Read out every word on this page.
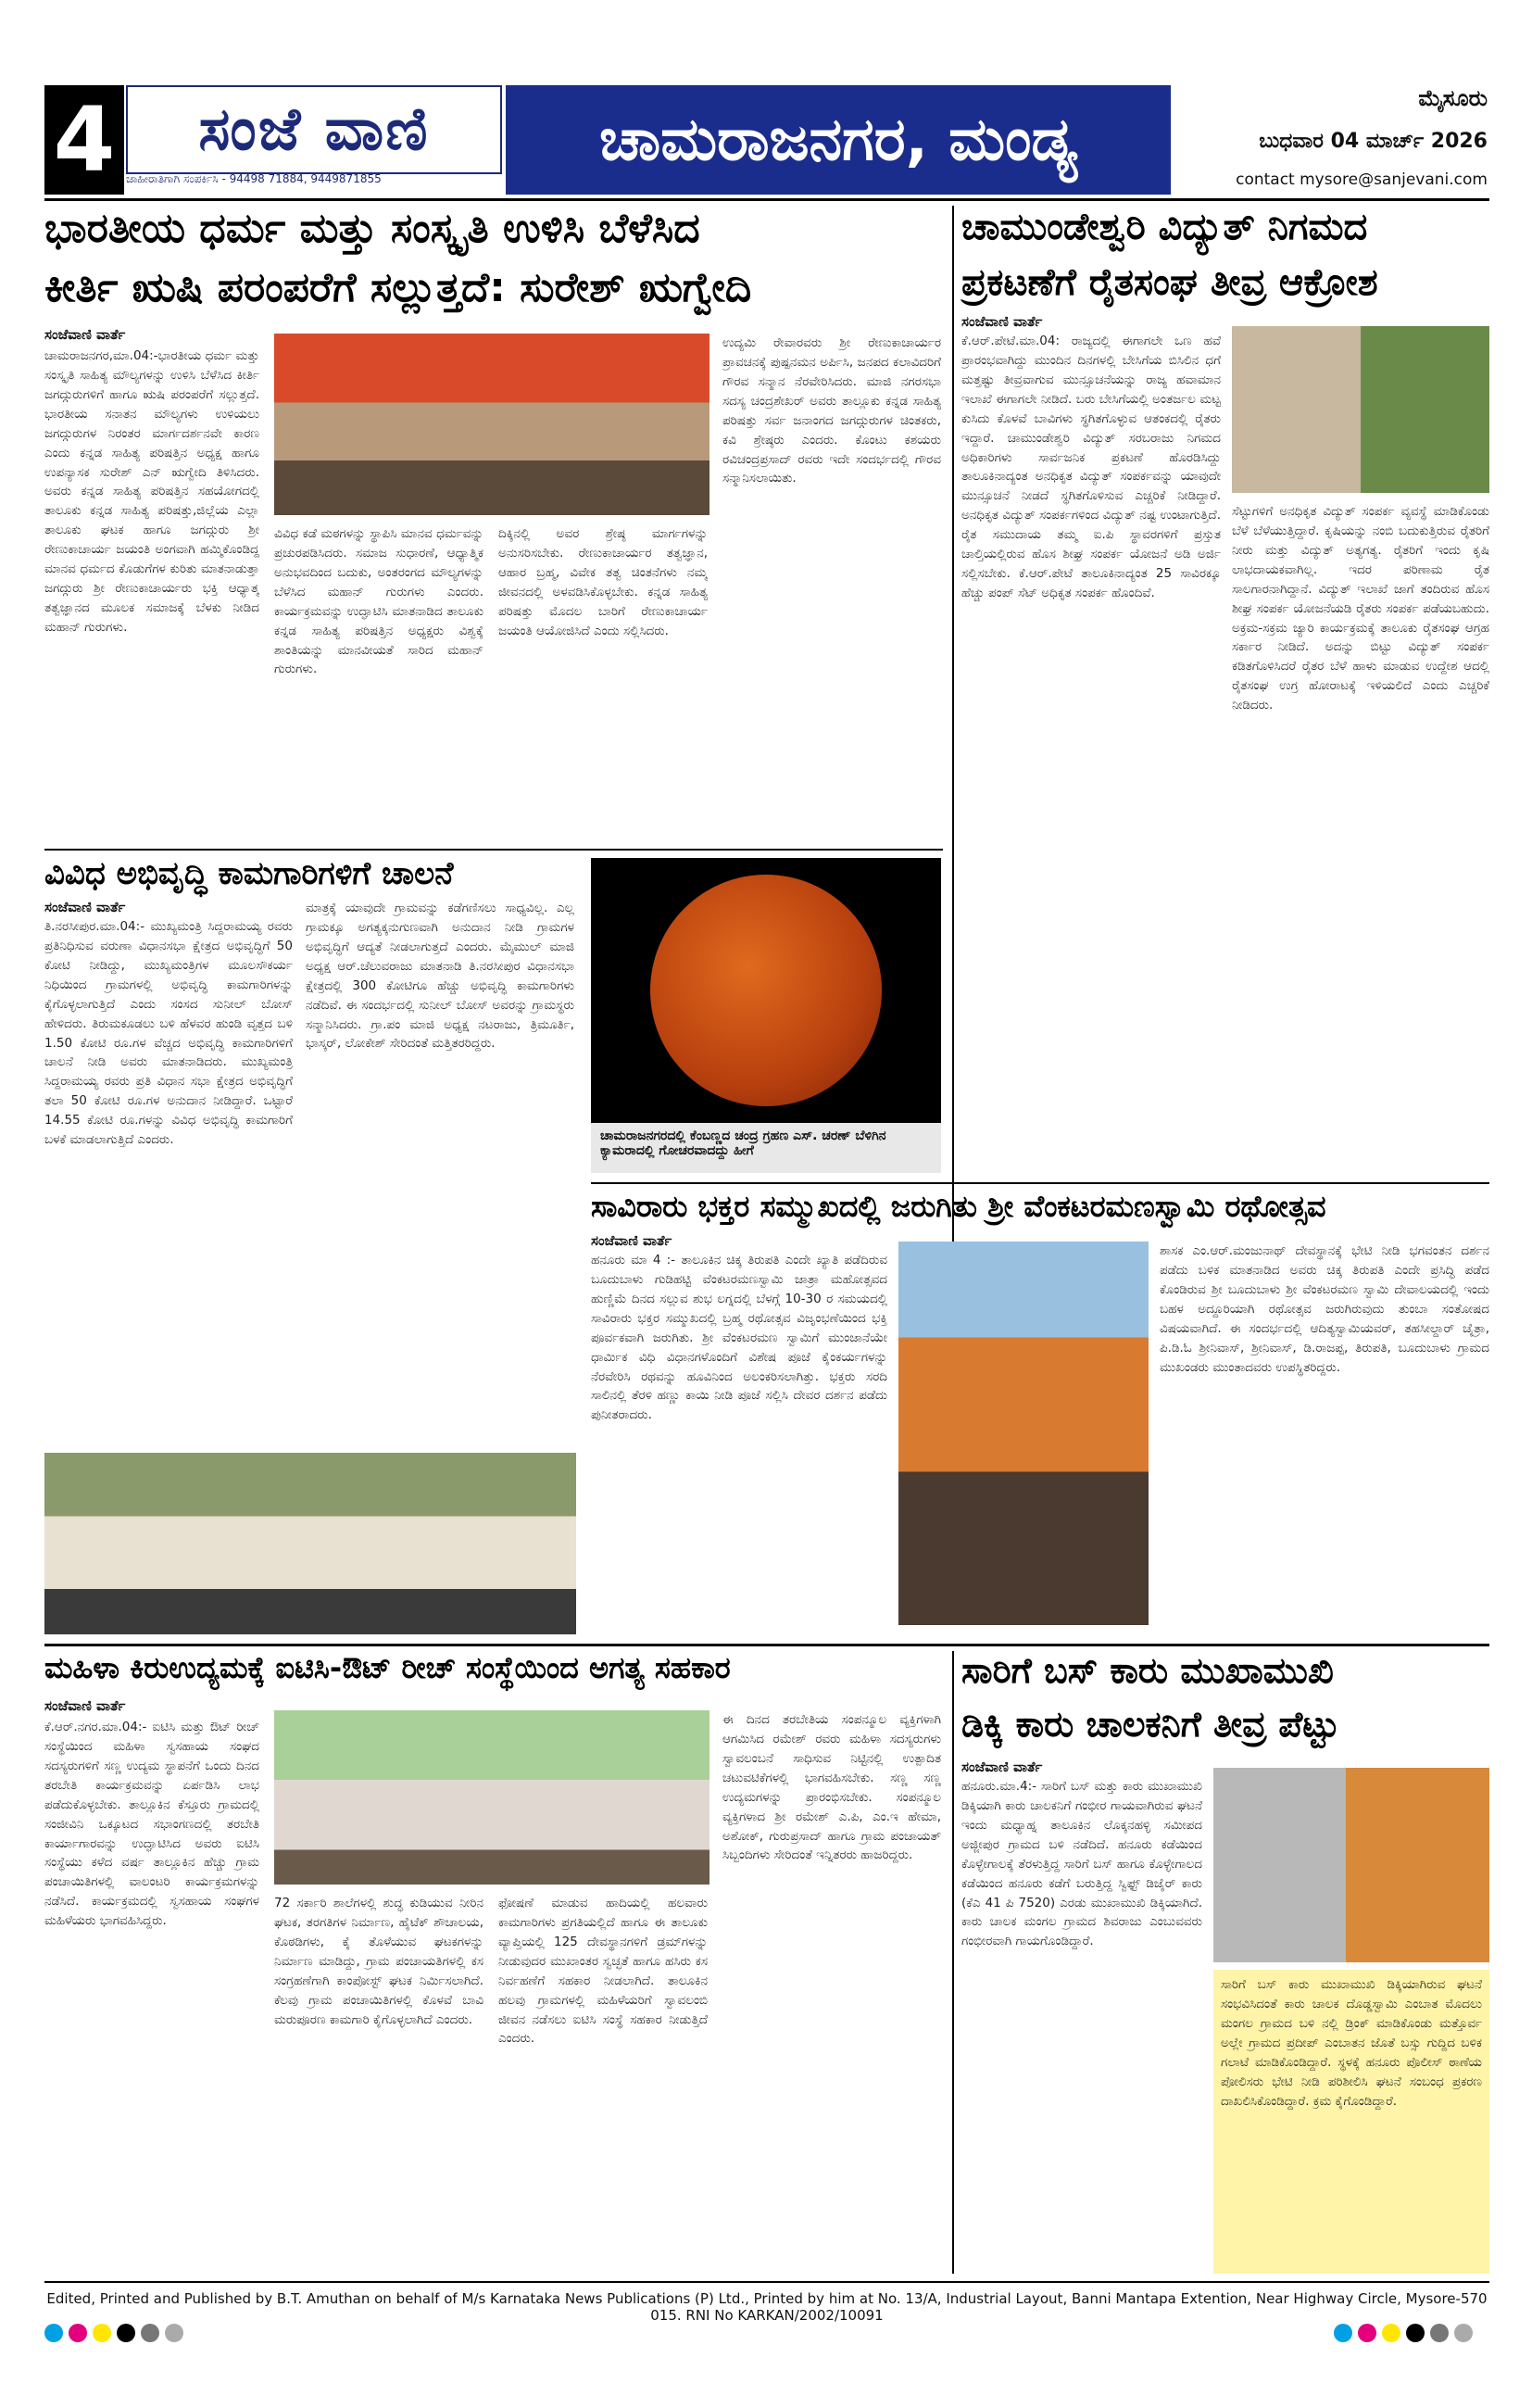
4	ಸಂಜೆ ವಾಣಿ
ಜಾಹೀರಾತಿಗಾಗಿ ಸಂಪರ್ಕಿಸಿ - 94498 71884, 9449871855
ಚಾಮರಾಜನಗರ, ಮಂಡ್ಯ
ಮೈಸೂರು
ಬುಧವಾರ 04 ಮಾರ್ಚ್ 2026
contact mysore@sanjevani.com
ಭಾರತೀಯ ಧರ್ಮ ಮತ್ತು ಸಂಸ್ಕೃತಿ ಉಳಿಸಿ ಬೆಳೆಸಿದ
ಕೀರ್ತಿ ಋಷಿ ಪರಂಪರೆಗೆ ಸಲ್ಲುತ್ತದೆ: ಸುರೇಶ್ ಋಗ್ವೇದಿ
ಸಂಜೆವಾಣಿ ವಾರ್ತೆ
ಚಾಮರಾಜನಗರ,ಮಾ.04:-ಭಾರತೀಯ ಧರ್ಮ ಮತ್ತು ಸಂಸ್ಕೃತಿ ಸಾಹಿತ್ಯ ಮೌಲ್ಯಗಳನ್ನು ಉಳಿಸಿ ಬೆಳೆಸಿದ ಕೀರ್ತಿ ಜಗದ್ಗುರುಗಳಿಗೆ ಹಾಗೂ ಋಷಿ ಪರಂಪರೆಗೆ ಸಲ್ಲುತ್ತದೆ. ಭಾರತೀಯ ಸನಾತನ ಮೌಲ್ಯಗಳು ಉಳಿಯಲು ಜಗದ್ಗುರುಗಳ ನಿರಂತರ ಮಾರ್ಗದರ್ಶನವೇ ಕಾರಣ ಎಂದು ಕನ್ನಡ ಸಾಹಿತ್ಯ ಪರಿಷತ್ತಿನ ಅಧ್ಯಕ್ಷ ಹಾಗೂ ಉಪನ್ಯಾಸಕ ಸುರೇಶ್ ಎನ್ ಋಗ್ವೇದಿ ತಿಳಿಸಿದರು. ಅವರು ಕನ್ನಡ ಸಾಹಿತ್ಯ ಪರಿಷತ್ತಿನ ಸಹಯೋಗದಲ್ಲಿ ತಾಲೂಕು ಕನ್ನಡ ಸಾಹಿತ್ಯ ಪರಿಷತ್ತು,ಜಿಲ್ಲೆಯ ಎಲ್ಲಾ ತಾಲೂಕು ಘಟಕ ಹಾಗೂ ಜಗದ್ಗುರು ಶ್ರೀ ರೇಣುಕಾಚಾರ್ಯ ಜಯಂತಿ ಅಂಗವಾಗಿ ಹಮ್ಮಿಕೊಂಡಿದ್ದ ಮಾನವ ಧರ್ಮದ ಕೊಡುಗೆಗಳ ಕುರಿತು ಮಾತನಾಡುತ್ತಾ ಜಗದ್ಗುರು ಶ್ರೀ ರೇಣುಕಾಚಾರ್ಯರು ಭಕ್ತಿ ಆಧ್ಯಾತ್ಮ ತತ್ವಜ್ಞಾನದ ಮೂಲಕ ಸಮಾಜಕ್ಕೆ ಬೆಳಕು ನೀಡಿದ ಮಹಾನ್ ಗುರುಗಳು.
ವಿವಿಧ ಕಡೆ ಮಠಗಳನ್ನು ಸ್ಥಾಪಿಸಿ ಮಾನವ ಧರ್ಮವನ್ನು ಪ್ರಚುರಪಡಿಸಿದರು. ಸಮಾಜ ಸುಧಾರಣೆ, ಆಧ್ಯಾತ್ಮಿಕ ಅನುಭವದಿಂದ ಬದುಕು, ಅಂತರಂಗದ ಮೌಲ್ಯಗಳನ್ನು ಬೆಳೆಸಿದ ಮಹಾನ್ ಗುರುಗಳು ಎಂದರು. ಕಾರ್ಯಕ್ರಮವನ್ನು ಉದ್ಘಾಟಿಸಿ ಮಾತನಾಡಿದ ತಾಲೂಕು ಕನ್ನಡ ಸಾಹಿತ್ಯ ಪರಿಷತ್ತಿನ ಅಧ್ಯಕ್ಷರು ವಿಶ್ವಕ್ಕೆ ಶಾಂತಿಯನ್ನು ಮಾನವೀಯತೆ ಸಾರಿದ ಮಹಾನ್ ಗುರುಗಳು.
ದಿಕ್ಕಿನಲ್ಲಿ ಅವರ ಶ್ರೇಷ್ಠ ಮಾರ್ಗಗಳನ್ನು ಅನುಸರಿಸಬೇಕು. ರೇಣುಕಾಚಾರ್ಯರ ತತ್ವಜ್ಞಾನ, ಆಹಾರ ಬ್ರಹ್ಮ, ವಿವೇಕ ತತ್ವ ಚಿಂತನೆಗಳು ನಮ್ಮ ಜೀವನದಲ್ಲಿ ಅಳವಡಿಸಿಕೊಳ್ಳಬೇಕು. ಕನ್ನಡ ಸಾಹಿತ್ಯ ಪರಿಷತ್ತು ಮೊದಲ ಬಾರಿಗೆ ರೇಣುಕಾಚಾರ್ಯ ಜಯಂತಿ ಆಯೋಜಿಸಿದೆ ಎಂದು ಸಲ್ಲಿಸಿದರು.
ಉದ್ಯಮಿ ರೇವಾರವರು ಶ್ರೀ ರೇಣುಕಾಚಾರ್ಯರ ಪ್ರಾವಚನಕ್ಕೆ ಪುಷ್ಪನಮನ ಅರ್ಪಿಸಿ, ಜನಪದ ಕಲಾವಿದರಿಗೆ ಗೌರವ ಸನ್ಮಾನ ನೆರವೇರಿಸಿದರು. ಮಾಜಿ ನಗರಸಭಾ ಸದಸ್ಯ ಚಂದ್ರಶೇಖರ್ ಅವರು ತಾಲ್ಲೂಕು ಕನ್ನಡ ಸಾಹಿತ್ಯ ಪರಿಷತ್ತು ಸರ್ವ ಜನಾಂಗದ ಜಗದ್ಗುರುಗಳ ಚಿಂತಕರು, ಕವಿ ಶ್ರೇಷ್ಠರು ಎಂದರು. ಕೊಂಟು ಕಶಯರು ರವಿಚಂದ್ರಪ್ರಸಾದ್ ರವರು ಇದೇ ಸಂದರ್ಭದಲ್ಲಿ ಗೌರವ ಸನ್ಮಾನಿಸಲಾಯಿತು.
ಚಾಮುಂಡೇಶ್ವರಿ ವಿದ್ಯುತ್ ನಿಗಮದ
ಪ್ರಕಟಣೆಗೆ ರೈತಸಂಘ ತೀವ್ರ ಆಕ್ರೋಶ
ಸಂಜೆವಾಣಿ ವಾರ್ತೆ
ಕೆ.ಆರ್.ಪೇಟೆ.ಮಾ.04: ರಾಜ್ಯದಲ್ಲಿ ಈಗಾಗಲೇ ಒಣ ಹವೆ ಪ್ರಾರಂಭವಾಗಿದ್ದು ಮುಂದಿನ ದಿನಗಳಲ್ಲಿ ಬೇಸಿಗೆಯ ಬಿಸಿಲಿನ ಧಗೆ ಮತ್ತಷ್ಟು ತೀವ್ರವಾಗುವ ಮುನ್ಸೂಚನೆಯನ್ನು ರಾಜ್ಯ ಹವಾಮಾನ ಇಲಾಖೆ ಈಗಾಗಲೇ ನೀಡಿದೆ. ಬರು ಬೇಸಿಗೆಯಲ್ಲಿ ಅಂತರ್ಜಲ ಮಟ್ಟ ಕುಸಿದು ಕೊಳವೆ ಬಾವಿಗಳು ಸ್ಥಗಿತಗೊಳ್ಳುವ ಆತಂಕದಲ್ಲಿ ರೈತರು ಇದ್ದಾರೆ. ಚಾಮುಂಡೇಶ್ವರಿ ವಿದ್ಯುತ್ ಸರಬರಾಜು ನಿಗಮದ ಅಧಿಕಾರಿಗಳು ಸಾರ್ವಜನಿಕ ಪ್ರಕಟಣೆ ಹೊರಡಿಸಿದ್ದು ತಾಲೂಕಿನಾದ್ಯಂತ ಅನಧಿಕೃತ ವಿದ್ಯುತ್ ಸಂಪರ್ಕವನ್ನು ಯಾವುದೇ ಮುನ್ಸೂಚನೆ ನೀಡದೆ ಸ್ಥಗಿತಗೊಳಿಸುವ ಎಚ್ಚರಿಕೆ ನೀಡಿದ್ದಾರೆ. ಅನಧಿಕೃತ ವಿದ್ಯುತ್ ಸಂಪರ್ಕಗಳಿಂದ ವಿದ್ಯುತ್ ನಷ್ಟ ಉಂಟಾಗುತ್ತಿದೆ. ರೈತ ಸಮುದಾಯ ತಮ್ಮ ಐ.ಪಿ ಸ್ಥಾವರಗಳಿಗೆ ಪ್ರಸ್ತುತ ಚಾಲ್ತಿಯಲ್ಲಿರುವ ಹೊಸ ಶೀಘ್ರ ಸಂಪರ್ಕ ಯೋಜನೆ ಅಡಿ ಅರ್ಜಿ ಸಲ್ಲಿಸಬೇಕು. ಕೆ.ಆರ್.ಪೇಟೆ ತಾಲೂಕಿನಾದ್ಯಂತ 25 ಸಾವಿರಕ್ಕೂ ಹೆಚ್ಚು ಪಂಪ್ ಸೆಟ್ ಅಧಿಕೃತ ಸಂಪರ್ಕ ಹೊಂದಿವೆ.
ಸೆಟ್ಟುಗಳಿಗೆ ಅನಧಿಕೃತ ವಿದ್ಯುತ್ ಸಂಪರ್ಕ ವ್ಯವಸ್ಥೆ ಮಾಡಿಕೊಂಡು ಬೆಳೆ ಬೆಳೆಯುತ್ತಿದ್ದಾರೆ. ಕೃಷಿಯನ್ನು ನಂಬಿ ಬದುಕುತ್ತಿರುವ ರೈತರಿಗೆ ನೀರು ಮತ್ತು ವಿದ್ಯುತ್ ಅತ್ಯಗತ್ಯ. ರೈತರಿಗೆ ಇಂದು ಕೃಷಿ ಲಾಭದಾಯಕವಾಗಿಲ್ಲ. ಇದರ ಪರಿಣಾಮ ರೈತ ಸಾಲಗಾರನಾಗಿದ್ದಾನೆ. ವಿದ್ಯುತ್ ಇಲಾಖೆ ಜಾಗೆ ತಂದಿರುವ ಹೊಸ ಶೀಘ್ರ ಸಂಪರ್ಕ ಯೋಜನೆಯಡಿ ರೈತರು ಸಂಪರ್ಕ ಪಡೆಯಬಹುದು. ಅಕ್ರಮ-ಸಕ್ರಮ ಜ್ಯಾರಿ ಕಾರ್ಯಕ್ರಮಕ್ಕೆ ತಾಲೂಕು ರೈತಸಂಘ ಆಗ್ರಹ ಸರ್ಕಾರ ನೀಡಿದೆ. ಅದನ್ನು ಬಿಟ್ಟು ವಿದ್ಯುತ್ ಸಂಪರ್ಕ ಕಡಿತಗೊಳಿಸಿದರೆ ರೈತರ ಬೆಳೆ ಹಾಳು ಮಾಡುವ ಉದ್ದೇಶ ಆದಲ್ಲಿ ರೈತಸಂಘ ಉಗ್ರ ಹೋರಾಟಕ್ಕೆ ಇಳಿಯಲಿದೆ ಎಂದು ಎಚ್ಚರಿಕೆ ನೀಡಿದರು.
ವಿವಿಧ ಅಭಿವೃದ್ಧಿ ಕಾಮಗಾರಿಗಳಿಗೆ ಚಾಲನೆ
ಸಂಜೆವಾಣಿ ವಾರ್ತೆ
ತಿ.ನರಸೀಪುರ.ಮಾ.04:- ಮುಖ್ಯಮಂತ್ರಿ ಸಿದ್ದರಾಮಯ್ಯ ರವರು ಪ್ರತಿನಿಧಿಸುವ ವರುಣಾ ವಿಧಾನಸಭಾ ಕ್ಷೇತ್ರದ ಅಭಿವೃದ್ಧಿಗೆ 50 ಕೋಟಿ ನೀಡಿದ್ದು, ಮುಖ್ಯಮಂತ್ರಿಗಳ ಮೂಲಸೌಕರ್ಯ ನಿಧಿಯಿಂದ ಗ್ರಾಮಗಳಲ್ಲಿ ಅಭಿವೃದ್ಧಿ ಕಾಮಗಾರಿಗಳನ್ನು ಕೈಗೊಳ್ಳಲಾಗುತ್ತಿದೆ ಎಂದು ಸಂಸದ ಸುನೀಲ್ ಬೋಸ್ ಹೇಳಿದರು. ತಿರುಮಕೂಡಲು ಬಳಿ ಹೆಳವರ ಹುಂಡಿ ವೃತ್ತದ ಬಳಿ 1.50 ಕೋಟಿ ರೂ.ಗಳ ವೆಚ್ಚದ ಅಭಿವೃದ್ಧಿ ಕಾಮಗಾರಿಗಳಿಗೆ ಚಾಲನೆ ನೀಡಿ ಅವರು ಮಾತನಾಡಿದರು. ಮುಖ್ಯಮಂತ್ರಿ ಸಿದ್ದರಾಮಯ್ಯ ರವರು ಪ್ರತಿ ವಿಧಾನ ಸಭಾ ಕ್ಷೇತ್ರದ ಅಭಿವೃದ್ಧಿಗೆ ತಲಾ 50 ಕೋಟಿ ರೂ.ಗಳ ಅನುದಾನ ನೀಡಿದ್ದಾರೆ. ಒಟ್ಟಾರೆ 14.55 ಕೋಟಿ ರೂ.ಗಳನ್ನು ವಿವಿಧ ಅಭಿವೃದ್ಧಿ ಕಾಮಗಾರಿಗೆ ಬಳಕೆ ಮಾಡಲಾಗುತ್ತಿದೆ ಎಂದರು.
ಮಾತ್ರಕ್ಕೆ ಯಾವುದೇ ಗ್ರಾಮವನ್ನು ಕಡೆಗಣಿಸಲು ಸಾಧ್ಯವಿಲ್ಲ. ಎಲ್ಲ ಗ್ರಾಮಕ್ಕೂ ಅಗತ್ಯಕ್ಕನುಗುಣವಾಗಿ ಅನುದಾನ ನೀಡಿ ಗ್ರಾಮಗಳ ಅಭಿವೃದ್ಧಿಗೆ ಆದ್ಯತೆ ನೀಡಲಾಗುತ್ತದೆ ಎಂದರು. ಮೈಮುಲ್ ಮಾಜಿ ಅಧ್ಯಕ್ಷ ಆರ್.ಚೆಲುವರಾಜು ಮಾತನಾಡಿ ತಿ.ನರಸೀಪುರ ವಿಧಾನಸಭಾ ಕ್ಷೇತ್ರದಲ್ಲಿ 300 ಕೋಟಿಗೂ ಹೆಚ್ಚು ಅಭಿವೃದ್ಧಿ ಕಾಮಗಾರಿಗಳು ನಡೆದಿವೆ. ಈ ಸಂದರ್ಭದಲ್ಲಿ ಸುನೀಲ್ ಬೋಸ್ ಅವರನ್ನು ಗ್ರಾಮಸ್ಥರು ಸನ್ಮಾನಿಸಿದರು. ಗ್ರಾ.ಪಂ ಮಾಜಿ ಅಧ್ಯಕ್ಷ ನಟರಾಜು, ತ್ರಿಮೂರ್ತಿ, ಭಾಸ್ಕರ್, ಲೋಕೇಶ್ ಸೇರಿದಂತೆ ಮತ್ತಿತರರಿದ್ದರು.
ಚಾಮರಾಜನಗರದಲ್ಲಿ ಕೆಂಬಣ್ಣದ ಚಂದ್ರ ಗ್ರಹಣ ಎಸ್. ಚರಣ್ ಬೆಳಿಗಿನ ಕ್ಯಾಮರಾದಲ್ಲಿ ಗೋಚರವಾದದ್ದು ಹೀಗೆ
ಸಾವಿರಾರು ಭಕ್ತರ ಸಮ್ಮುಖದಲ್ಲಿ ಜರುಗಿತು ಶ್ರೀ ವೆಂಕಟರಮಣಸ್ವಾಮಿ ರಥೋತ್ಸವ
ಸಂಜೆವಾಣಿ ವಾರ್ತೆ
ಹನೂರು ಮಾ 4 :- ತಾಲೂಕಿನ ಚಿಕ್ಕ ತಿರುಪತಿ ಎಂದೇ ಖ್ಯಾತಿ ಪಡೆದಿರುವ ಬೂದುಬಾಳು ಗುಡಿಹಟ್ಟಿ ವೆಂಕಟರಮಣಸ್ವಾಮಿ ಜಾತ್ರಾ ಮಹೋತ್ಸವದ ಹುಣ್ಣಿಮೆ ದಿನದ ಸಲ್ಲುವ ಶುಭ ಲಗ್ನದಲ್ಲಿ ಬೆಳಗ್ಗೆ 10-30 ರ ಸಮಯದಲ್ಲಿ ಸಾವಿರಾರು ಭಕ್ತರ ಸಮ್ಮುಖದಲ್ಲಿ ಬ್ರಹ್ಮ ರಥೋತ್ಸವ ವಿಜೃಂಭಣೆಯಿಂದ ಭಕ್ತಿ ಪೂರ್ವಕವಾಗಿ ಜರುಗಿತು. ಶ್ರೀ ವೆಂಕಟರಮಣ ಸ್ವಾಮಿಗೆ ಮುಂಜಾನೆಯೇ ಧಾರ್ಮಿಕ ವಿಧಿ ವಿಧಾನಗಳೊಂದಿಗೆ ವಿಶೇಷ ಪೂಜೆ ಕೈಂಕರ್ಯಗಳನ್ನು ನೆರವೇರಿಸಿ ರಥವನ್ನು ಹೂವಿನಿಂದ ಅಲಂಕರಿಸಲಾಗಿತ್ತು. ಭಕ್ತರು ಸರದಿ ಸಾಲಿನಲ್ಲಿ ತೆರಳಿ ಹಣ್ಣು ಕಾಯಿ ನೀಡಿ ಪೂಜೆ ಸಲ್ಲಿಸಿ ದೇವರ ದರ್ಶನ ಪಡೆದು ಪುನೀತರಾದರು.
ಶಾಸಕ ಎಂ.ಆರ್.ಮಂಜುನಾಥ್ ದೇವಸ್ಥಾನಕ್ಕೆ ಭೇಟಿ ನೀಡಿ ಭಗವಂತನ ದರ್ಶನ ಪಡೆದು ಬಳಿಕ ಮಾತನಾಡಿದ ಅವರು ಚಿಕ್ಕ ತಿರುಪತಿ ಎಂದೇ ಪ್ರಸಿದ್ಧಿ ಪಡೆದ ಕೊಂಡಿರುವ ಶ್ರೀ ಬೂದುಬಾಳು ಶ್ರೀ ವೆಂಕಟರಮಣ ಸ್ವಾಮಿ ದೇವಾಲಯದಲ್ಲಿ ಇಂದು ಬಹಳ ಅದ್ದೂರಿಯಾಗಿ ರಥೋತ್ಸವ ಜರುಗಿರುವುದು ತುಂಬಾ ಸಂತೋಷದ ವಿಷಯವಾಗಿದೆ. ಈ ಸಂದರ್ಭದಲ್ಲಿ ಆದಿತ್ಯಸ್ವಾಮಿಯವರ್, ತಹಸೀಲ್ದಾರ್ ಚೈತ್ರಾ, ಪಿ.ಡಿ.ಓ ಶ್ರೀನಿವಾಸ್, ಶ್ರೀನಿವಾಸ್, ಡಿ.ರಾಜಪ್ಪ, ತಿರುಪತಿ, ಬೂದುಬಾಳು ಗ್ರಾಮದ ಮುಖಂಡರು ಮುಂತಾದವರು ಉಪಸ್ಥಿತರಿದ್ದರು.
ಮಹಿಳಾ ಕಿರುಉದ್ಯಮಕ್ಕೆ ಐಟಿಸಿ-ಔಟ್ ರೀಚ್ ಸಂಸ್ಥೆಯಿಂದ ಅಗತ್ಯ ಸಹಕಾರ
ಸಂಜೆವಾಣಿ ವಾರ್ತೆ
ಕೆ.ಆರ್.ನಗರ.ಮಾ.04:- ಐಟಿಸಿ ಮತ್ತು ಔಟ್ ರೀಚ್ ಸಂಸ್ಥೆಯಿಂದ ಮಹಿಳಾ ಸ್ವಸಹಾಯ ಸಂಘದ ಸದಸ್ಯರುಗಳಿಗೆ ಸಣ್ಣ ಉದ್ಯಮ ಸ್ಥಾಪನೆಗೆ ಒಂದು ದಿನದ ತರಬೇತಿ ಕಾರ್ಯಕ್ರಮವನ್ನು ಏರ್ಪಡಿಸಿ ಲಾಭ ಪಡೆದುಕೊಳ್ಳಬೇಕು. ತಾಲ್ಲೂಕಿನ ಕೆಸ್ತೂರು ಗ್ರಾಮದಲ್ಲಿ ಸಂಜೀವಿನಿ ಒಕ್ಕೂಟದ ಸಭಾಂಗಣದಲ್ಲಿ ತರಬೇತಿ ಕಾರ್ಯಾಗಾರವನ್ನು ಉದ್ಘಾಟಿಸಿದ ಅವರು ಐಟಿಸಿ ಸಂಸ್ಥೆಯು ಕಳೆದ ವರ್ಷ ತಾಲ್ಲೂಕಿನ ಹೆಚ್ಚು ಗ್ರಾಮ ಪಂಚಾಯಿತಿಗಳಲ್ಲಿ ವಾಲಂಟರಿ ಕಾರ್ಯಕ್ರಮಗಳನ್ನು ನಡೆಸಿದೆ. ಕಾರ್ಯಕ್ರಮದಲ್ಲಿ ಸ್ವಸಹಾಯ ಸಂಘಗಳ ಮಹಿಳೆಯರು ಭಾಗವಹಿಸಿದ್ದರು.
72 ಸರ್ಕಾರಿ ಶಾಲೆಗಳಲ್ಲಿ ಶುದ್ಧ ಕುಡಿಯುವ ನೀರಿನ ಘಟಕ, ತರಗತಿಗಳ ನಿರ್ಮಾಣ, ಹೈಟೆಕ್ ಶೌಚಾಲಯ, ಕೊಠಡಿಗಳು, ಕೈ ತೊಳೆಯುವ ಘಟಕಗಳನ್ನು ನಿರ್ಮಾಣ ಮಾಡಿದ್ದು, ಗ್ರಾಮ ಪಂಚಾಯತಿಗಳಲ್ಲಿ ಕಸ ಸಂಗ್ರಹಣೆಗಾಗಿ ಕಾಂಪೋಸ್ಟ್ ಘಟಕ ನಿರ್ಮಿಸಲಾಗಿದೆ. ಕೆಲವು ಗ್ರಾಮ ಪಂಚಾಯಿತಿಗಳಲ್ಲಿ ಕೊಳವೆ ಬಾವಿ ಮರುಪೂರಣ ಕಾಮಗಾರಿ ಕೈಗೊಳ್ಳಲಾಗಿದೆ ಎಂದರು.
ಫೋಷಣೆ ಮಾಡುವ ಹಾದಿಯಲ್ಲಿ ಹಲವಾರು ಕಾಮಗಾರಿಗಳು ಪ್ರಗತಿಯಲ್ಲಿದೆ ಹಾಗೂ ಈ ತಾಲೂಕು ವ್ಯಾಪ್ತಿಯಲ್ಲಿ 125 ದೇವಸ್ಥಾನಗಳಿಗೆ ಡ್ರಮ್‌ಗಳನ್ನು ನೀಡುವುದರ ಮುಖಾಂತರ ಸ್ವಚ್ಛತೆ ಹಾಗೂ ಹಸಿರು ಕಸ ನಿರ್ವಹಣೆಗೆ ಸಹಕಾರ ನೀಡಲಾಗಿದೆ. ತಾಲೂಕಿನ ಹಲವು ಗ್ರಾಮಗಳಲ್ಲಿ ಮಹಿಳೆಯರಿಗೆ ಸ್ವಾವಲಂಬಿ ಜೀವನ ನಡೆಸಲು ಐಟಿಸಿ ಸಂಸ್ಥೆ ಸಹಕಾರ ನೀಡುತ್ತಿದೆ ಎಂದರು.
ಈ ದಿನದ ತರಬೇತಿಯ ಸಂಪನ್ಮೂಲ ವ್ಯಕ್ತಿಗಳಾಗಿ ಆಗಮಿಸಿದ ರಮೇಶ್ ರವರು ಮಹಿಳಾ ಸದಸ್ಯರುಗಳು ಸ್ವಾವಲಂಬನೆ ಸಾಧಿಸುವ ನಿಟ್ಟಿನಲ್ಲಿ ಉತ್ಪಾದಿತ ಚಟುವಟಿಕೆಗಳಲ್ಲಿ ಭಾಗವಹಿಸಬೇಕು. ಸಣ್ಣ ಸಣ್ಣ ಉದ್ಯಮಗಳನ್ನು ಪ್ರಾರಂಭಿಸಬೇಕು. ಸಂಪನ್ಮೂಲ ವ್ಯಕ್ತಿಗಳಾದ ಶ್ರೀ ರಮೇಶ್ ಎ.ಪಿ, ಎಂ.ಇ ಹೇಮಾ, ಅಶೋಕ್, ಗುರುಪ್ರಸಾದ್ ಹಾಗೂ ಗ್ರಾಮ ಪಂಚಾಯತ್ ಸಿಬ್ಬಂದಿಗಳು ಸೇರಿದಂತೆ ಇನ್ನಿತರರು ಹಾಜರಿದ್ದರು.
ಸಾರಿಗೆ ಬಸ್ ಕಾರು ಮುಖಾಮುಖಿ
ಡಿಕ್ಕಿ ಕಾರು ಚಾಲಕನಿಗೆ ತೀವ್ರ ಪೆಟ್ಟು
ಸಂಜೆವಾಣಿ ವಾರ್ತೆ
ಹನೂರು.ಮಾ.4:- ಸಾರಿಗೆ ಬಸ್ ಮತ್ತು ಕಾರು ಮುಖಾಮುಖಿ ಡಿಕ್ಕಿಯಾಗಿ ಕಾರು ಚಾಲಕನಿಗೆ ಗಂಭೀರ ಗಾಯವಾಗಿರುವ ಘಟನೆ ಇಂದು ಮಧ್ಯಾಹ್ನ ತಾಲೂಕಿನ ಲೊಕ್ಕನಹಳ್ಳಿ ಸಮೀಪದ ಅಜ್ಜೀಪುರ ಗ್ರಾಮದ ಬಳಿ ನಡೆದಿದೆ. ಹನೂರು ಕಡೆಯಿಂದ ಕೊಳ್ಳೇಗಾಲಕ್ಕೆ ತೆರಳುತ್ತಿದ್ದ ಸಾರಿಗೆ ಬಸ್ ಹಾಗೂ ಕೊಳ್ಳೇಗಾಲದ ಕಡೆಯಿಂದ ಹನೂರು ಕಡೆಗೆ ಬರುತ್ತಿದ್ದ ಸ್ವಿಫ್ಟ್ ಡಿಜೈರ್ ಕಾರು (ಕೆಎ 41 ಪಿ 7520) ಎರಡು ಮುಖಾಮುಖಿ ಡಿಕ್ಕಿಯಾಗಿದೆ. ಕಾರು ಚಾಲಕ ಮಂಗಲ ಗ್ರಾಮದ ಶಿವರಾಜು ಎಂಬುವವರು ಗಂಭೀರವಾಗಿ ಗಾಯಗೊಂಡಿದ್ದಾರೆ.
ಸಾರಿಗೆ ಬಸ್ ಕಾರು ಮುಖಾಮುಖಿ ಡಿಕ್ಕಿಯಾಗಿರುವ ಘಟನೆ ಸಂಭವಿಸಿದಂತೆ ಕಾರು ಚಾಲಕ ದೊಡ್ಡಸ್ವಾಮಿ ಎಂಬಾತ ಮೊದಲು ಮಂಗಲ ಗ್ರಾಮದ ಬಳಿ ನಲ್ಲಿ ಡ್ರಿಂಕ್ ಮಾಡಿಕೊಂಡು ಮತ್ತೊರ್ವ ಅಲ್ಲೇ ಗ್ರಾಮದ ಪ್ರದೀಪ್ ಎಂಬಾತನ ಜೊತೆ ಬಸ್ಸು ಗುದ್ದಿದ ಬಳಿಕ ಗಲಾಟೆ ಮಾಡಿಕೊಂಡಿದ್ದಾರೆ. ಸ್ಥಳಕ್ಕೆ ಹನೂರು ಪೊಲೀಸ್ ಠಾಣೆಯ ಪೋಲಿಸರು ಭೇಟಿ ನೀಡಿ ಪರಿಶೀಲಿಸಿ ಘಟನೆ ಸಂಬಂಧ ಪ್ರಕರಣ ದಾಖಲಿಸಿಕೊಂಡಿದ್ದಾರೆ. ಕ್ರಮ ಕೈಗೊಂಡಿದ್ದಾರೆ.
Edited, Printed and Published by B.T. Amuthan on behalf of M/s Karnataka News Publications (P) Ltd., Printed by him at No. 13/A, Industrial Layout, Banni Mantapa Extention, Near Highway Circle, Mysore-570 015. RNI No KARKAN/2002/10091
